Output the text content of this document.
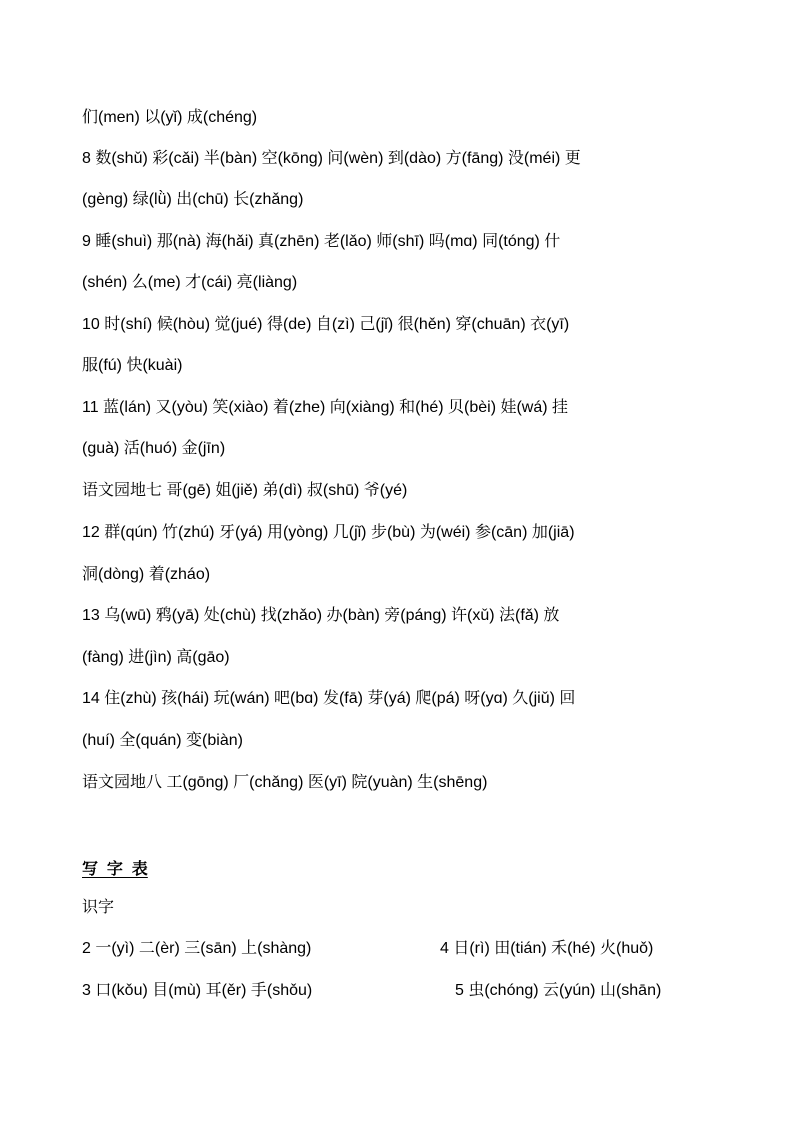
们(men) 以(yǐ) 成(chéng)
8 数(shǔ) 彩(cǎi) 半(bàn) 空(kōng) 问(wèn) 到(dào) 方(fāng) 没(méi) 更
(gèng) 绿(lǜ) 出(chū) 长(zhǎng)
9 睡(shuì) 那(nà) 海(hǎi) 真(zhēn) 老(lǎo) 师(shī) 吗(mɑ) 同(tóng) 什
(shén) 么(me) 才(cái) 亮(liàng)
10 时(shí) 候(hòu) 觉(jué) 得(de) 自(zì) 己(jǐ) 很(hěn) 穿(chuān) 衣(yī)
服(fú) 快(kuài)
11 蓝(lán) 又(yòu) 笑(xiào) 着(zhe) 向(xiàng) 和(hé) 贝(bèi) 娃(wá) 挂
(guà) 活(huó) 金(jīn)
语文园地七 哥(gē) 姐(jiě) 弟(dì) 叔(shū) 爷(yé)
12 群(qún) 竹(zhú) 牙(yá) 用(yòng) 几(jǐ) 步(bù) 为(wéi) 参(cān) 加(jiā)
洞(dòng) 着(zháo)
13 乌(wū) 鸦(yā) 处(chù) 找(zhǎo) 办(bàn) 旁(páng) 许(xǔ) 法(fǎ) 放
(fàng) 进(jìn) 高(gāo)
14 住(zhù) 孩(hái) 玩(wán) 吧(bɑ) 发(fā) 芽(yá) 爬(pá) 呀(yɑ) 久(jiǔ) 回
(huí) 全(quán) 变(biàn)
语文园地八 工(gōng) 厂(chǎng) 医(yī) 院(yuàn) 生(shēng)
写  字  表
识字
2 一(yì) 二(èr) 三(sān) 上(shàng)	4 日(rì) 田(tián) 禾(hé) 火(huǒ)
3 口(kǒu) 目(mù) 耳(ěr) 手(shǒu)	5 虫(chóng) 云(yún) 山(shān)
